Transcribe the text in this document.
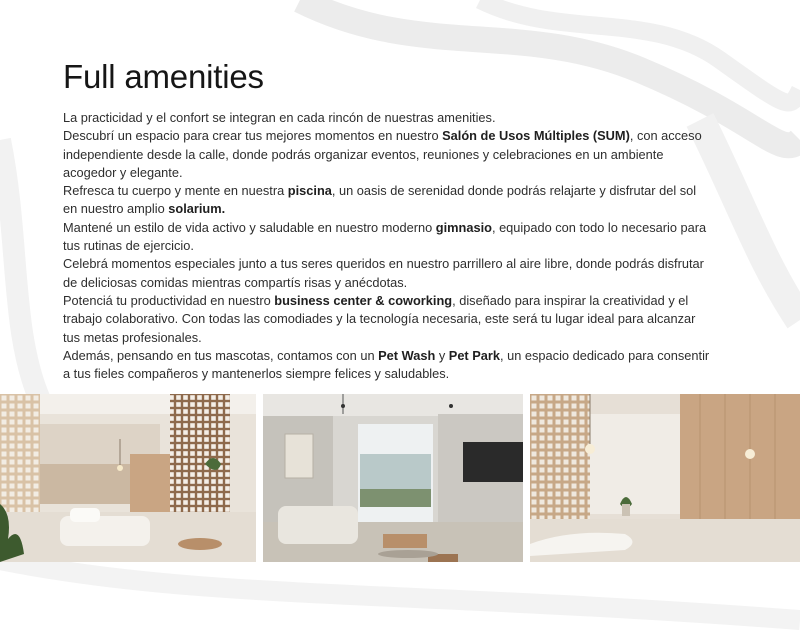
Full amenities

La practicidad y el confort se integran en cada rincón de nuestras amenities.

Descubrí un espacio para crear tus mejores momentos en nuestro Salón de Usos Múltiples (SUM), con acceso independiente desde la calle, donde podrás organizar eventos, reuniones y celebraciones en un ambiente acogedor y elegante.

Refresca tu cuerpo y mente en nuestra piscina, un oasis de serenidad donde podrás relajarte y disfrutar del sol en nuestro amplio solarium.

Mantené un estilo de vida activo y saludable en nuestro moderno gimnasio, equipado con todo lo necesario para tus rutinas de ejercicio.

Celebrá momentos especiales junto a tus seres queridos en nuestro parrillero al aire libre, donde podrás disfrutar de deliciosas comidas mientras compartís risas y anécdotas.

Potenciá tu productividad en nuestro business center & coworking, diseñado para inspirar la creatividad y el trabajo colaborativo. Con todas las comodiades y la tecnología necesaria, este será tu lugar ideal para alcanzar tus metas profesionales.

Además, pensando en tus mascotas, contamos con un Pet Wash y Pet Park, un espacio dedicado para consentir a tus fieles compañeros y mantenerlos siempre felices y saludables.
